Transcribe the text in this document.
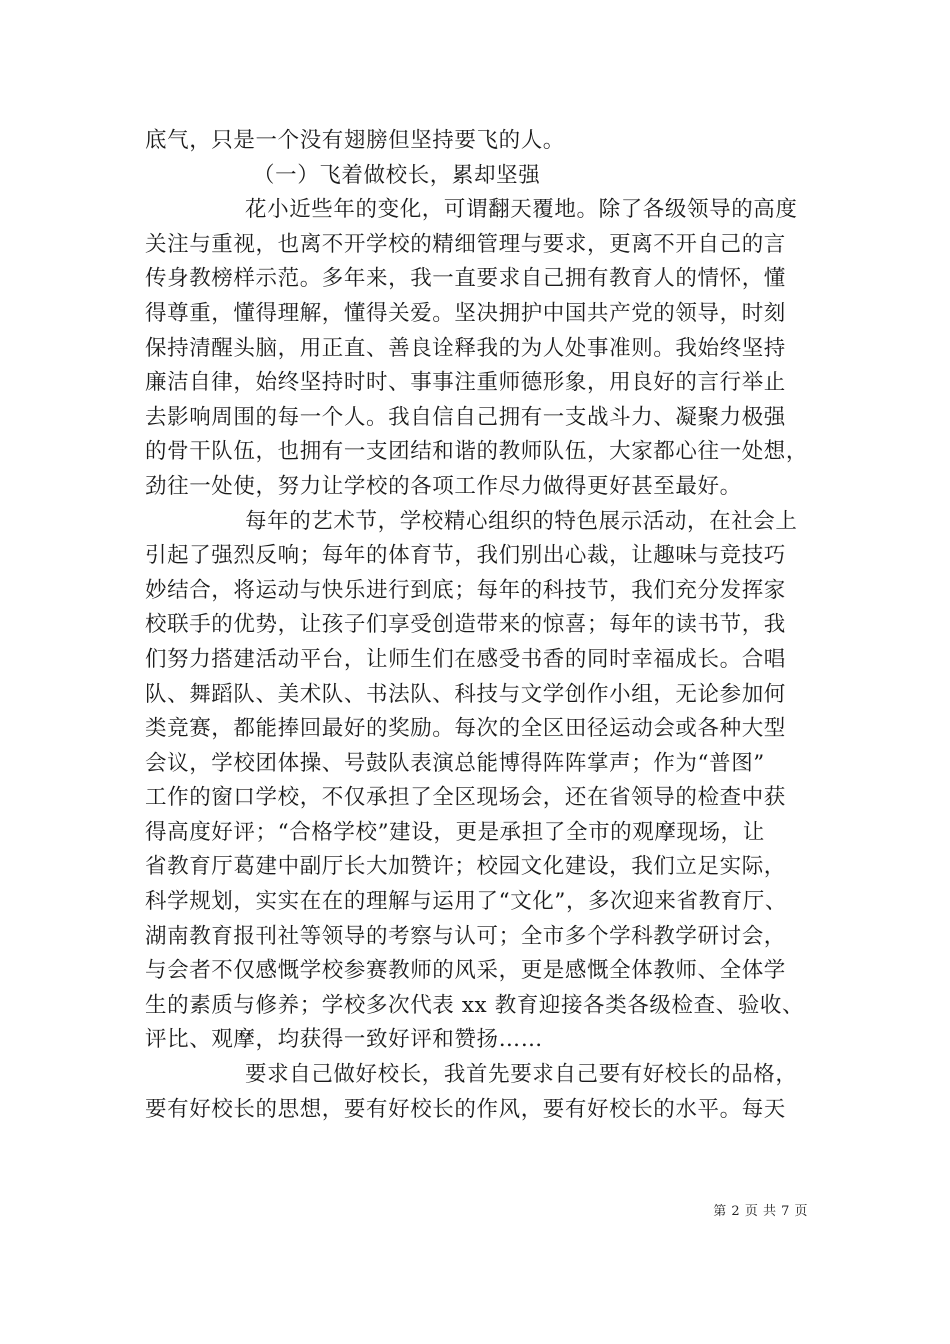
底气，只是一个没有翅膀但坚持要飞的人。
（一）飞着做校长，累却坚强
花小近些年的变化，可谓翻天覆地。除了各级领导的高度
关注与重视，也离不开学校的精细管理与要求，更离不开自己的言
传身教榜样示范。多年来，我一直要求自己拥有教育人的情怀，懂
得尊重，懂得理解，懂得关爱。坚决拥护中国共产党的领导，时刻
保持清醒头脑，用正直、善良诠释我的为人处事准则。我始终坚持
廉洁自律，始终坚持时时、事事注重师德形象，用良好的言行举止
去影响周围的每一个人。我自信自己拥有一支战斗力、凝聚力极强
的骨干队伍，也拥有一支团结和谐的教师队伍，大家都心往一处想，
劲往一处使，努力让学校的各项工作尽力做得更好甚至最好。
每年的艺术节，学校精心组织的特色展示活动，在社会上
引起了强烈反响；每年的体育节，我们别出心裁，让趣味与竞技巧
妙结合，将运动与快乐进行到底；每年的科技节，我们充分发挥家
校联手的优势，让孩子们享受创造带来的惊喜；每年的读书节，我
们努力搭建活动平台，让师生们在感受书香的同时幸福成长。合唱
队、舞蹈队、美术队、书法队、科技与文学创作小组，无论参加何
类竞赛，都能捧回最好的奖励。每次的全区田径运动会或各种大型
会议，学校团体操、号鼓队表演总能博得阵阵掌声；作为“普图”
工作的窗口学校，不仅承担了全区现场会，还在省领导的检查中获
得高度好评；“合格学校”建设，更是承担了全市的观摩现场，让
省教育厅葛建中副厅长大加赞许；校园文化建设，我们立足实际，
科学规划，实实在在的理解与运用了“文化”，多次迎来省教育厅、
湖南教育报刊社等领导的考察与认可；全市多个学科教学研讨会，
与会者不仅感慨学校参赛教师的风采，更是感慨全体教师、全体学
生的素质与修养；学校多次代表 xx 教育迎接各类各级检查、验收、
评比、观摩，均获得一致好评和赞扬……
要求自己做好校长，我首先要求自己要有好校长的品格，
要有好校长的思想，要有好校长的作风，要有好校长的水平。每天
第 2 页 共 7 页
